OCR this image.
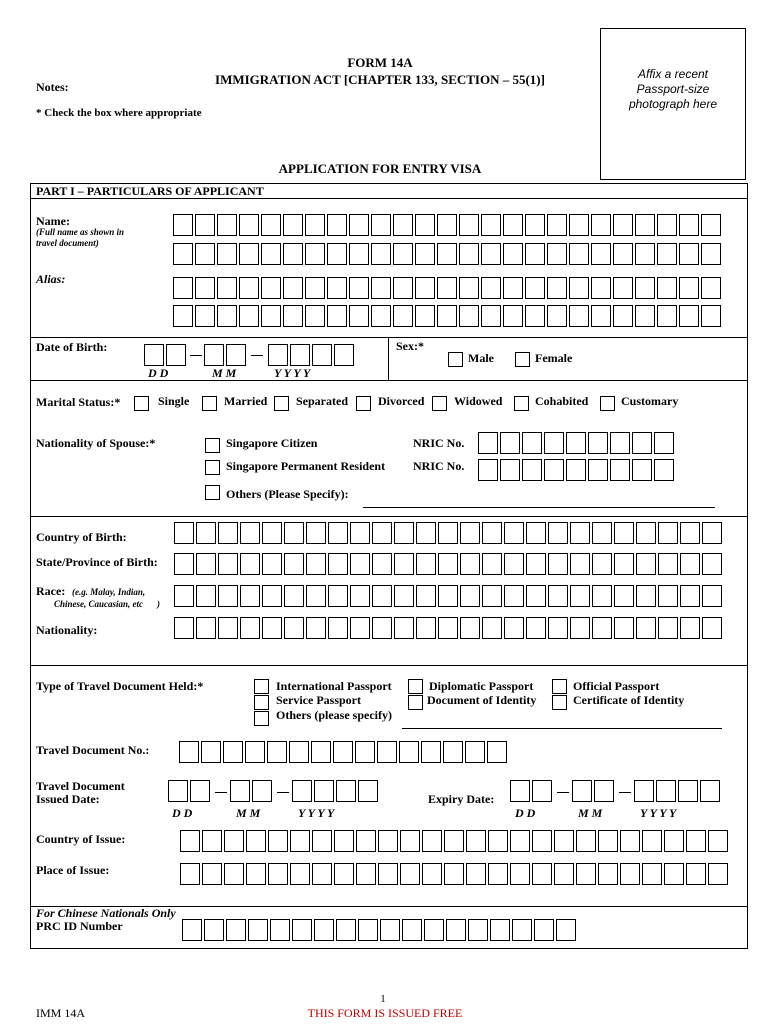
FORM 14A
IMMIGRATION ACT [CHAPTER 133, SECTION – 55(1)]
Notes:
* Check the box where appropriate
Affix a recent
Passport-size
photograph here
APPLICATION FOR ENTRY VISA
PART I – PARTICULARS OF APPLICANT
Name:
(Full name as shown in
travel document)
Alias:
Date of Birth:
D D	M M	Y Y Y Y
Sex:*
Male	Female
Marital Status:*	Single	Married Separated	Divorced Widowed	Cohabited	Customary
Nationality of Spouse:*	Singapore Citizen	NRIC No.
Singapore Permanent Resident NRIC No.
Others (Please Specify):
Country of Birth:
State/Province of Birth:
Race: (e.g. Malay, Indian,
Chinese, Caucasian, etc )
Nationality:
Type of Travel Document Held:*	International Passport	Diplomatic Passport	Official Passport
Service Passport	Document of Identity	Certificate of Identity
Others (please specify)
Travel Document No.:
Travel Document
Issued Date:
D D	M M	Y Y Y Y
Expiry Date:
D D	M M	Y Y Y Y
Country of Issue:
Place of Issue:
For Chinese Nationals Only
PRC ID Number
1
IMM 14A	THIS FORM IS ISSUED FREE
